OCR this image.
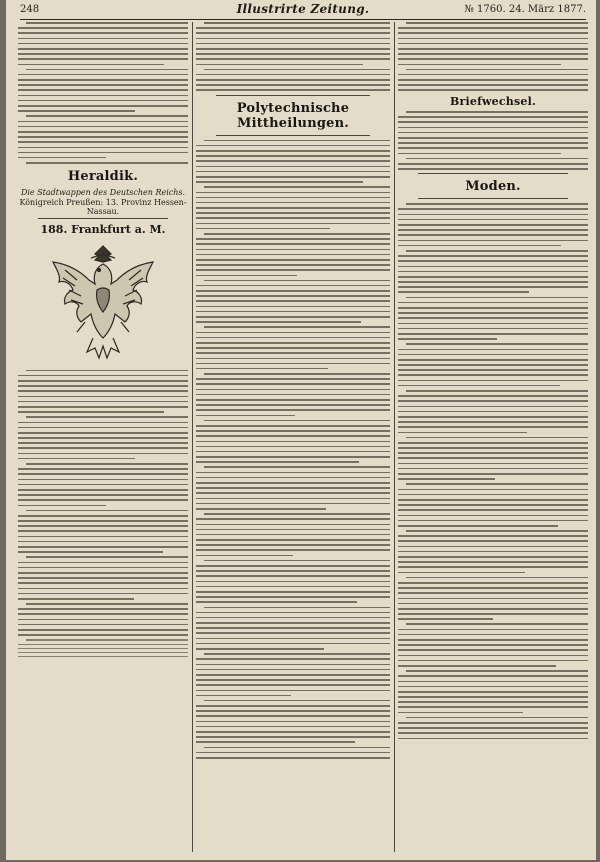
248	Illustrirte Zeitung.	№ 1760. 24. März 1877.
Heraldik.
Die Stadtwappen des Deutschen Reichs.
Königreich Preußen: 13. Provinz Hessen-Nassau.
188. Frankfurt a. M.
Polytechnische Mittheilungen.
Briefwechsel.
Moden.
